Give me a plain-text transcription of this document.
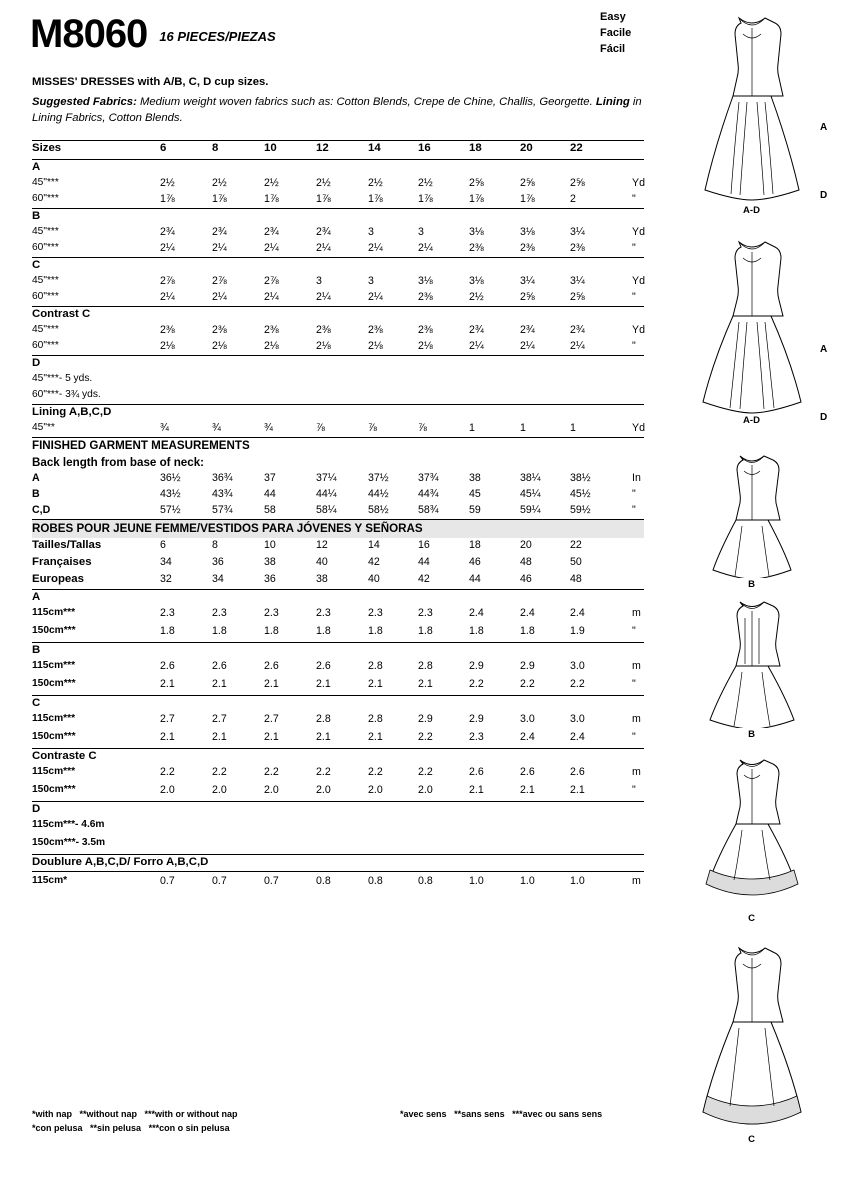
M8060 16 PIECES/PIEZAS
Easy
Facile
Fácil
MISSES' DRESSES with A/B, C, D cup sizes.
Suggested Fabrics: Medium weight woven fabrics such as: Cotton Blends, Crepe de Chine, Challis, Georgette. Lining in Lining Fabrics, Cotton Blends.
Sizes	6	8	10	12	14	16	18	20	22
A
45"***	2½	2½	2½	2½	2½	2½	2⅝	2⅝	2⅝	Yd
60"***	1⅞	1⅞	1⅞	1⅞	1⅞	1⅞	1⅞	1⅞	2	"
B
45"***	2¾	2¾	2¾	2¾	3	3	3⅛	3⅛	3¼	Yd
60"***	2¼	2¼	2¼	2¼	2¼	2¼	2⅜	2⅜	2⅜	"
C
45"***	2⅞	2⅞	2⅞	3	3	3⅛	3⅛	3¼	3¼	Yd
60"***	2¼	2¼	2¼	2¼	2¼	2⅜	2½	2⅝	2⅝	"
Contrast C
45"***	2⅜	2⅜	2⅜	2⅜	2⅜	2⅜	2¾	2¾	2¾	Yd
60"***	2⅛	2⅛	2⅛	2⅛	2⅛	2⅛	2¼	2¼	2¼	"
D
45"***- 5 yds.
60"***- 3¾ yds.
Lining A,B,C,D
45"**	¾	¾	¾	⅞	⅞	⅞	1	1	1	Yd
FINISHED GARMENT MEASUREMENTS
Back length from base of neck:
A	36½	36¾	37	37¼	37½	37¾	38	38¼	38½	In
B	43½	43¾	44	44¼	44½	44¾	45	45¼	45½	"
C,D	57½	57¾	58	58¼	58½	58¾	59	59¼	59½	"
ROBES POUR JEUNE FEMME/VESTIDOS PARA JÓVENES Y SEÑORAS
Tailles/Tallas	6	8	10	12	14	16	18	20	22
Françaises	34	36	38	40	42	44	46	48	50
Europeas	32	34	36	38	40	42	44	46	48
A
115cm***	2.3	2.3	2.3	2.3	2.3	2.3	2.4	2.4	2.4	m
150cm***	1.8	1.8	1.8	1.8	1.8	1.8	1.8	1.8	1.9	"
B
115cm***	2.6	2.6	2.6	2.6	2.8	2.8	2.9	2.9	3.0	m
150cm***	2.1	2.1	2.1	2.1	2.1	2.1	2.2	2.2	2.2	"
C
115cm***	2.7	2.7	2.7	2.8	2.8	2.9	2.9	3.0	3.0	m
150cm***	2.1	2.1	2.1	2.1	2.1	2.2	2.3	2.4	2.4	"
Contraste C
115cm***	2.2	2.2	2.2	2.2	2.2	2.2	2.6	2.6	2.6	m
150cm***	2.0	2.0	2.0	2.0	2.0	2.0	2.1	2.1	2.1	"
D
115cm***- 4.6m
150cm***- 3.5m
Doublure A,B,C,D/ Forro A,B,C,D
115cm*	0.7	0.7	0.7	0.8	0.8	0.8	1.0	1.0	1.0	m
*with nap **without nap ***with or without nap	*avec sens **sans sens ***avec ou sans sens
*con pelusa **sin pelusa ***con o sin pelusa

A-D
A
D
A-D
A
D
B
B
C
C
